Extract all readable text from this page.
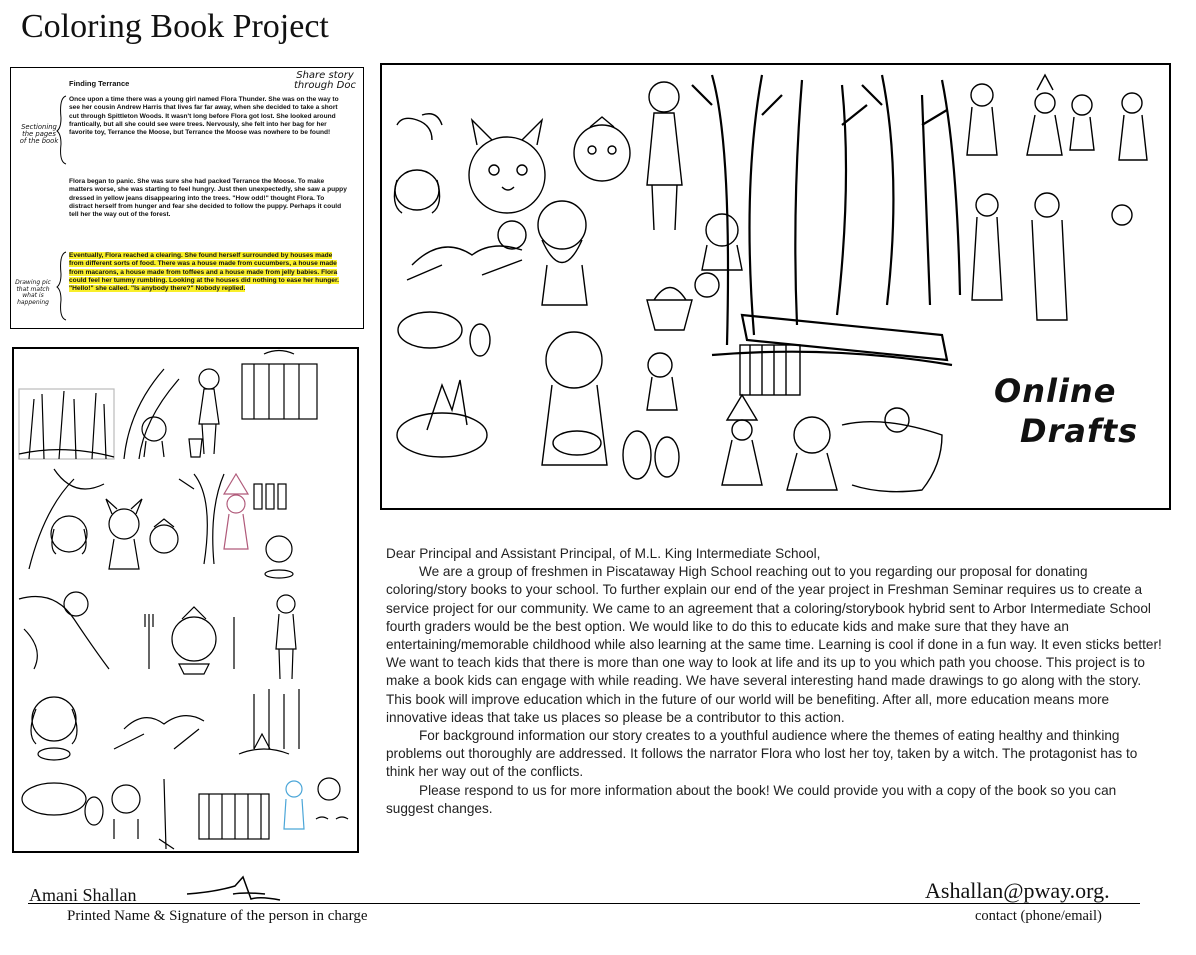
Coloring Book Project
Finding Terrance
Share story through Doc
Sectioning the pages of the book
Drawing pic that match what is happening

Once upon a time there was a young girl named Flora Thunder. She was on the way to see her cousin Andrew Harris that lives far far away, when she decided to take a short cut through Spittleton Woods. It wasn't long before Flora got lost. She looked around frantically, but all she could see were trees. Nervously, she felt into her bag for her favorite toy, Terrance the Moose, but Terrance the Moose was nowhere to be found!

Flora began to panic. She was sure she had packed Terrance the Moose. To make matters worse, she was starting to feel hungry. Just then unexpectedly, she saw a puppy dressed in yellow jeans disappearing into the trees. "How odd!" thought Flora. To distract herself from hunger and fear she decided to follow the puppy. Perhaps it could tell her the way out of the forest.

Eventually, Flora reached a clearing. She found herself surrounded by houses made from different sorts of food. There was a house made from cucumbers, a house made from macarons, a house made from toffees and a house made from jelly babies. Flora could feel her tummy rumbling. Looking at the houses did nothing to ease her hunger. "Hello!" she called. "Is anybody there?" Nobody replied.

Online
Drafts

Dear Principal and Assistant Principal, of M.L. King Intermediate School,

We are a group of freshmen in Piscataway High School reaching out to you regarding our proposal for donating coloring/story books to your school. To further explain our end of the year project in Freshman Seminar requires us to create a service project for our community. We came to an agreement that a coloring/storybook hybrid sent to Arbor Intermediate School fourth graders would be the best option. We would like to do this to educate kids and make sure that they have an entertaining/memorable childhood while also learning at the same time. Learning is cool if done in a fun way. It even sticks better! We want to teach kids that there is more than one way to look at life and its up to you which path you choose. This project is to make a book kids can engage with while reading. We have several interesting hand made drawings to go along with the story. This book will improve education which in the future of our world will be benefiting. After all, more education means more innovative ideas that take us places so please be a contributor to this action.

For background information our story creates to a youthful audience where the themes of eating healthy and thinking problems out thoroughly are addressed. It follows the narrator Flora who lost her toy, taken by a witch. The protagonist has to think her way out of the conflicts.

Please respond to us for more information about the book! We could provide you with a copy of the book so you can suggest changes.

Amani Shallan	Ashallan@pway.org.
Printed Name & Signature of the person in charge	contact (phone/email)
